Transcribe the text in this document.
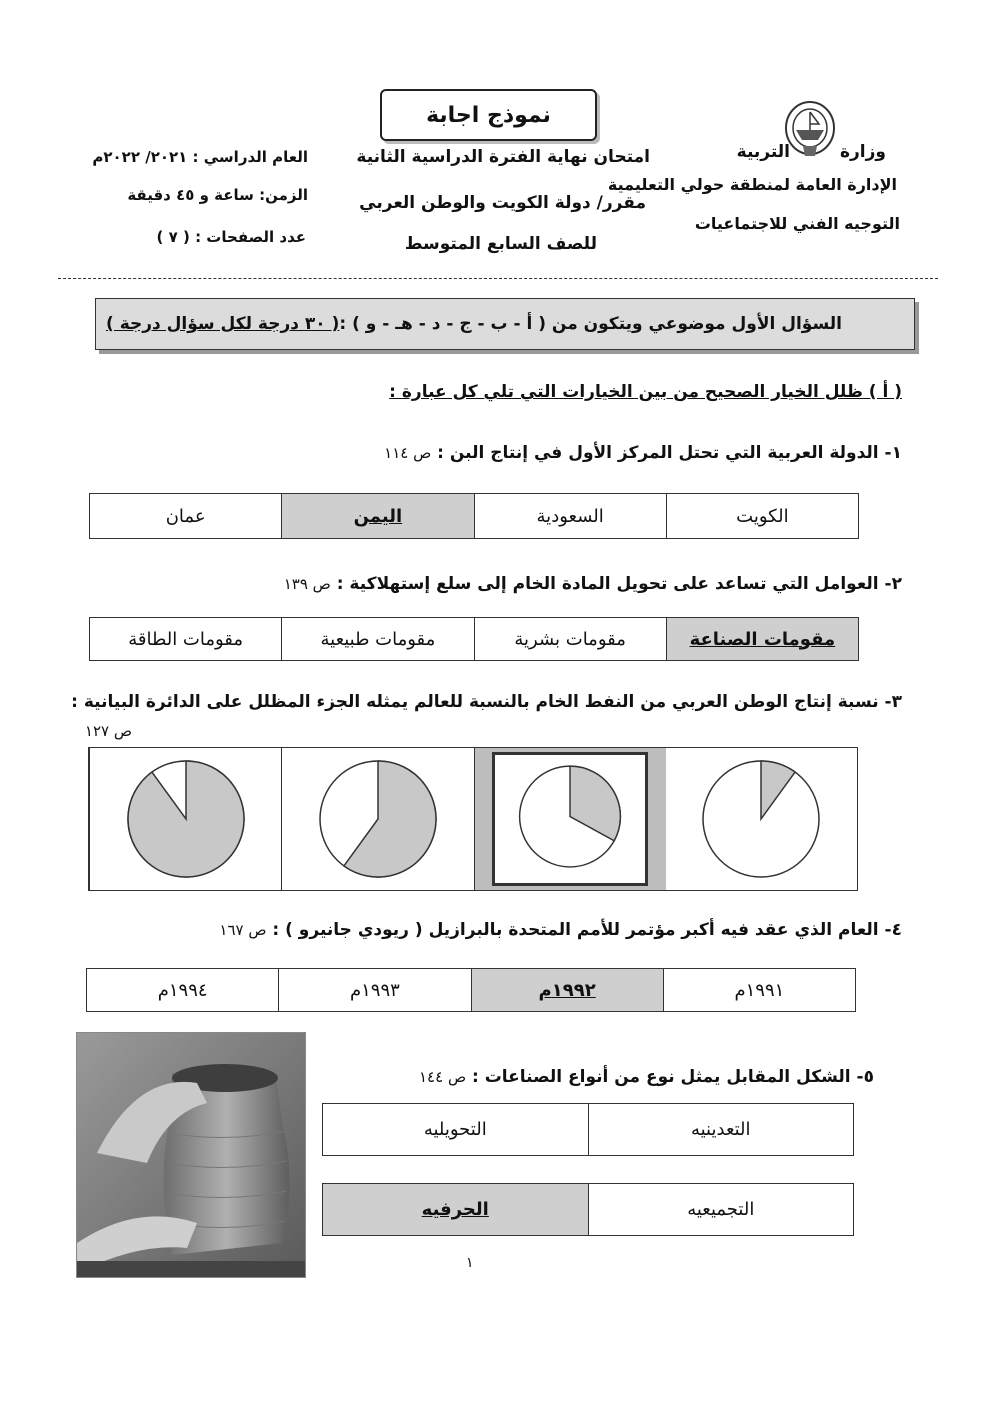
نموذج اجابة
وزارة
التربية
الإدارة العامة لمنطقة حولي التعليمية
التوجيه الفني للاجتماعيات
امتحان نهاية الفترة الدراسية الثانية
مقرر/ دولة الكويت والوطن العربي
للصف السابع المتوسط
العام الدراسي : ٢٠٢١/ ٢٠٢٢م
الزمن: ساعة و ٤٥ دقيقة
عدد الصفحات : ( ٧ )
السؤال الأول موضوعي ويتكون من ( أ - ب - ج - د - هـ - و ) :
( ٣٠ درجة لكل سؤال درجة )
( أ ) ظلل الخيار الصحيح من بين الخيارات التي تلي كل عبارة :
١- الدولة العربية التي تحتل المركز الأول في إنتاج البن : ص ١١٤
الكويت
السعودية
اليمن
عمان
٢- العوامل التي تساعد على تحويل المادة الخام إلى سلع إستهلاكية : ص ١٣٩
مقومات الصناعة
مقومات بشرية
مقومات طبيعية
مقومات الطاقة
٣- نسبة إنتاج الوطن العربي من النفط الخام بالنسبة للعالم يمثله الجزء المظلل على الدائرة البيانية :
ص ١٢٧
٤- العام الذي عقد فيه أكبر مؤتمر للأمم المتحدة بالبرازيل ( ريودي جانيرو ) : ص ١٦٧
١٩٩١م
١٩٩٢م
١٩٩٣م
١٩٩٤م
٥- الشكل المقابل يمثل نوع من أنواع الصناعات : ص ١٤٤
التعدينيه
التحويليه
التجميعيه
الحرفيه
١
